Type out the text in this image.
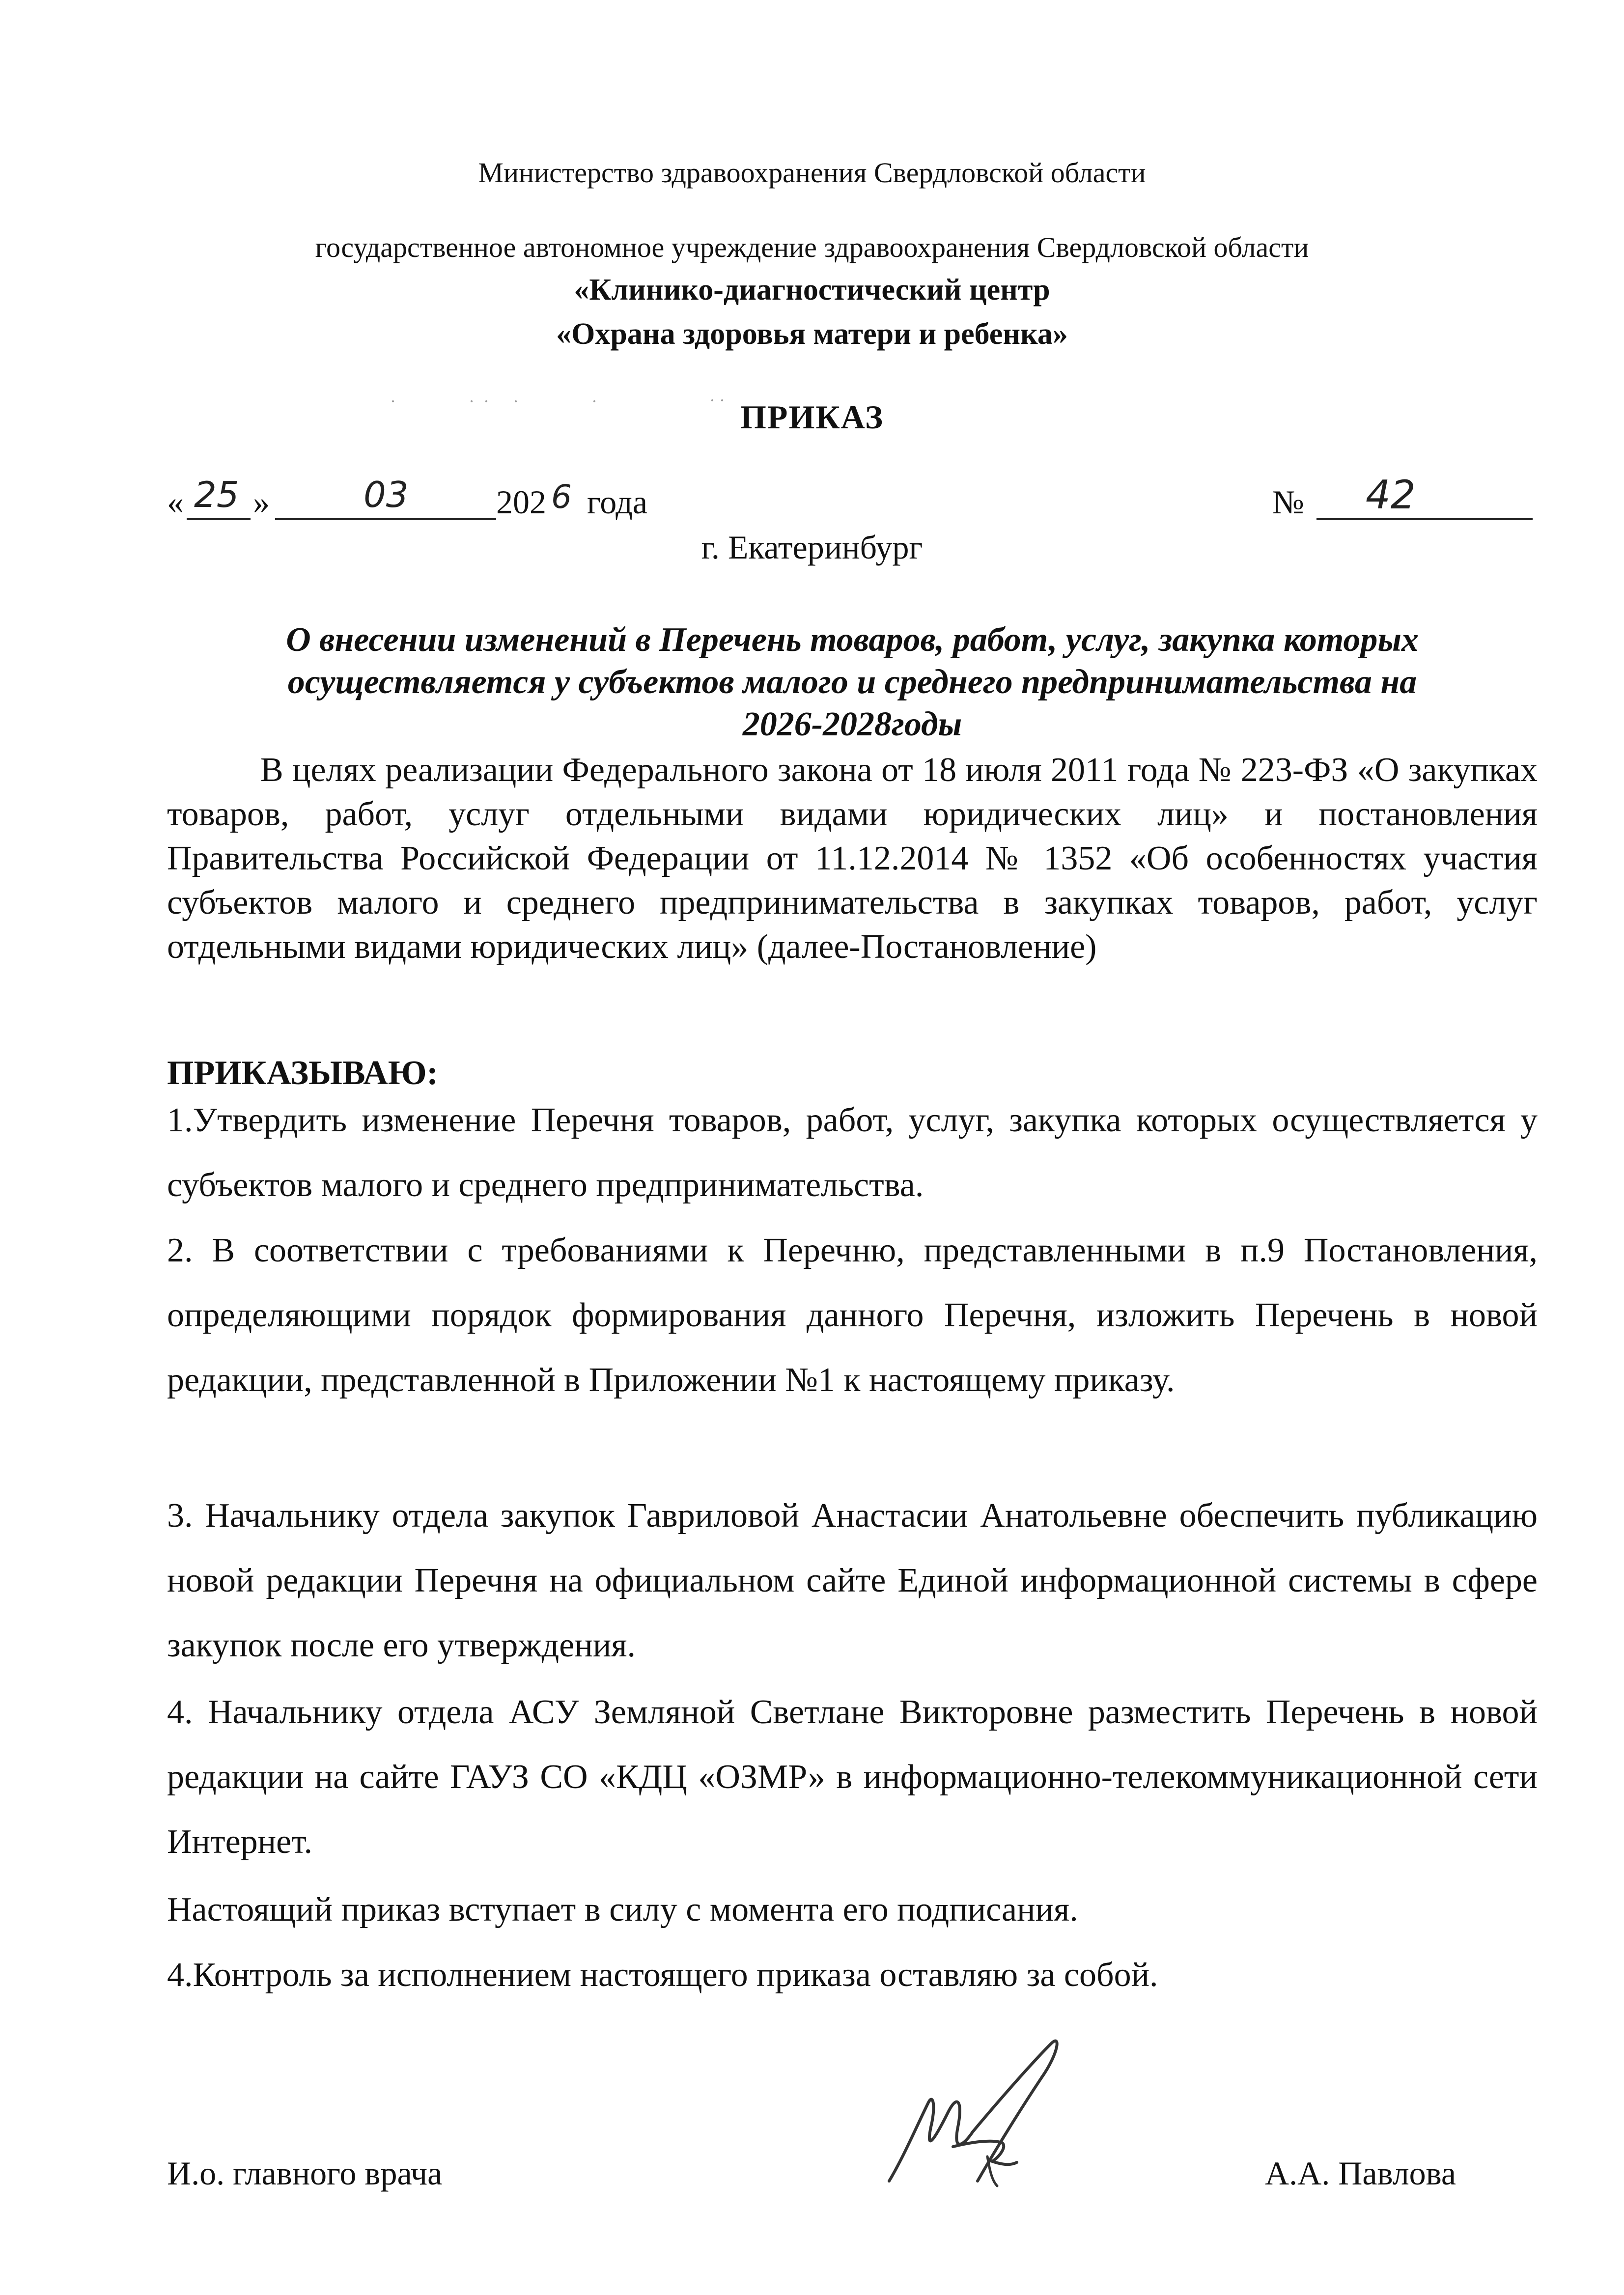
Министерство здравоохранения Свердловской области
государственное автономное учреждение здравоохранения Свердловской области
«Клинико-диагностический центр
«Охрана здоровья матери и ребенка»
ПРИКАЗ
« 25 »	03	202 6 года	№ 42
г. Екатеринбург
О внесении изменений в Перечень товаров, работ, услуг, закупка которых
осуществляется у субъектов малого и среднего предпринимательства на
2026-2028годы
В целях реализации Федерального закона от 18 июля 2011 года № 223-ФЗ «О закупках товаров, работ, услуг отдельными видами юридических лиц» и постановления Правительства Российской Федерации от 11.12.2014 № 1352 «Об особенностях участия субъектов малого и среднего предпринимательства в закупках товаров, работ, услуг отдельными видами юридических лиц» (далее-Постановление)
ПРИКАЗЫВАЮ:
1.Утвердить изменение Перечня товаров, работ, услуг, закупка которых осуществляется у субъектов малого и среднего предпринимательства.
2. В соответствии с требованиями к Перечню, представленными в п.9 Постановления, определяющими порядок формирования данного Перечня, изложить Перечень в новой редакции, представленной в Приложении №1 к настоящему приказу.
3. Начальнику отдела закупок Гавриловой Анастасии Анатольевне обеспечить публикацию новой редакции Перечня на официальном сайте Единой информационной системы в сфере закупок после его утверждения.
4. Начальнику отдела АСУ Земляной Светлане Викторовне разместить Перечень в новой редакции на сайте ГАУЗ СО «КДЦ «ОЗМР» в информационно-телекоммуникационной сети Интернет.
Настоящий приказ вступает в силу с момента его подписания.
4.Контроль за исполнением настоящего приказа оставляю за собой.
И.о. главного врача	А.А. Павлова
